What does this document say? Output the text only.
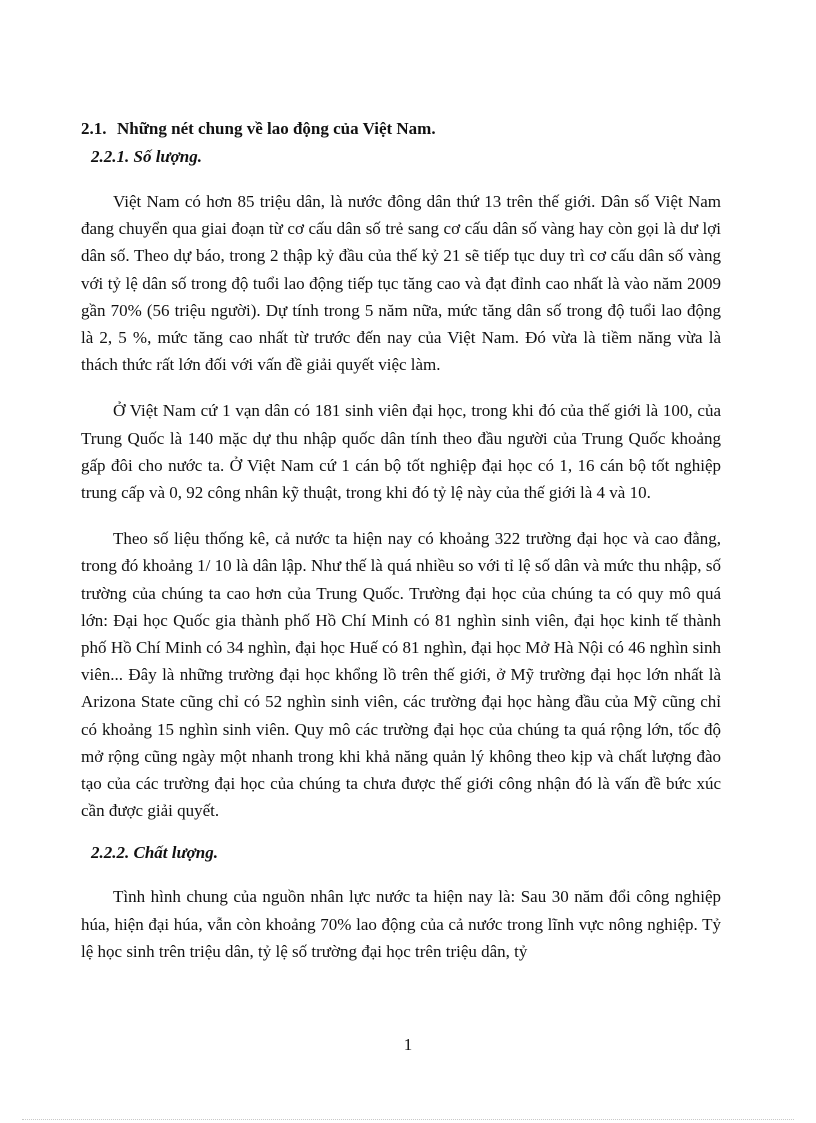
2.1. Những nét chung về lao động của Việt Nam.
2.2.1. Số lượng.

Việt Nam có hơn 85 triệu dân, là nước đông dân thứ 13 trên thế giới. Dân số Việt Nam đang chuyển qua giai đoạn từ cơ cấu dân số trẻ sang cơ cấu dân số vàng hay còn gọi là dư lợi dân số. Theo dự báo, trong 2 thập kỷ đầu của thế kỷ 21 sẽ tiếp tục duy trì cơ cấu dân số vàng với tỷ lệ dân số trong độ tuổi lao động tiếp tục tăng cao và đạt đỉnh cao nhất là vào năm 2009 gần 70% (56 triệu người). Dự tính trong 5 năm nữa, mức tăng dân số trong độ tuổi lao động là 2, 5 %, mức tăng cao nhất từ trước đến nay của Việt Nam. Đó vừa là tiềm năng vừa là thách thức rất lớn đối với vấn đề giải quyết việc làm.

Ở Việt Nam cứ 1 vạn dân có 181 sinh viên đại học, trong khi đó của thế giới là 100, của Trung Quốc là 140 mặc dự thu nhập quốc dân tính theo đầu người của Trung Quốc khoảng gấp đôi cho nước ta. Ở Việt Nam cứ 1 cán bộ tốt nghiệp đại học có 1, 16 cán bộ tốt nghiệp trung cấp và 0, 92 công nhân kỹ thuật, trong khi đó tỷ lệ này của thế giới là 4 và 10.

Theo số liệu thống kê, cả nước ta hiện nay có khoảng 322 trường đại học và cao đẳng, trong đó khoảng 1/ 10 là dân lập. Như thế là quá nhiều so với tỉ lệ số dân và mức thu nhập, số trường của chúng ta cao hơn của Trung Quốc. Trường đại học của chúng ta có quy mô quá lớn: Đại học Quốc gia thành phố Hồ Chí Minh có 81 nghìn sinh viên, đại học kinh tế thành phố Hồ Chí Minh có 34 nghìn, đại học Huế có 81 nghìn, đại học Mở Hà Nội có 46 nghìn sinh viên... Đây là những trường đại học khổng lồ trên thế giới, ở Mỹ trường đại học lớn nhất là Arizona State cũng chỉ có 52 nghìn sinh viên, các trường đại học hàng đầu của Mỹ cũng chỉ có khoảng 15 nghìn sinh viên. Quy mô các trường đại học của chúng ta quá rộng lớn, tốc độ mở rộng cũng ngày một nhanh trong khi khả năng quản lý không theo kịp và chất lượng đào tạo của các trường đại học của chúng ta chưa được thế giới công nhận đó là vấn đề bức xúc cần được giải quyết.

2.2.2. Chất lượng.

Tình hình chung của nguồn nhân lực nước ta hiện nay là: Sau 30 năm đổi công nghiệp húa, hiện đại húa, vẫn còn khoảng 70% lao động của cả nước trong lĩnh vực nông nghiệp. Tỷ lệ học sinh trên triệu dân, tỷ lệ số trường đại học trên triệu dân, tỷ

1
